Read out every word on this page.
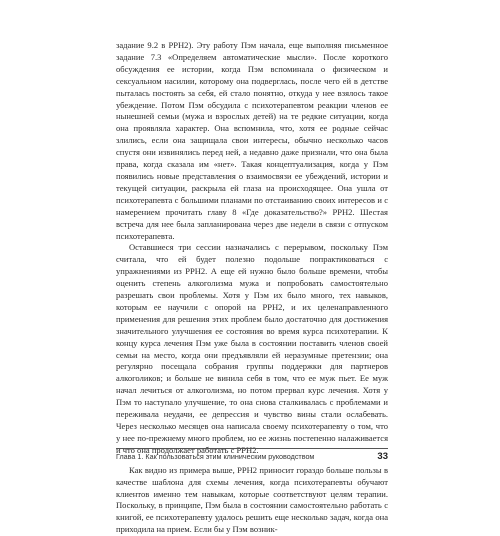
задание 9.2 в РРН2). Эту работу Пэм начала, еще выполняя письменное задание 7.3 «Определяем автоматические мысли». После короткого обсуждения ее истории, когда Пэм вспоминала о физическом и сексуальном насилии, которому она подверглась, после чего ей в детстве пыталась постоять за себя, ей стало понятно, откуда у нее взялось такое убеждение. Потом Пэм обсудила с психотерапевтом реакции членов ее нынешней семьи (мужа и взрослых детей) на те редкие ситуации, когда она проявляла характер. Она вспомнила, что, хотя ее родные сейчас злились, если она защищала свои интересы, обычно несколько часов спустя они извинялись перед ней, а недавно даже признали, что она была права, когда сказала им «нет». Такая концептуализация, когда у Пэм появились новые представления о взаимосвязи ее убеждений, истории и текущей ситуации, раскрыла ей глаза на происходящее. Она ушла от психотерапевта с большими планами по отстаиванию своих интересов и с намерением прочитать главу 8 «Где доказательство?» РРН2. Шестая встреча для нее была запланирована через две недели в связи с отпуском психотерапевта.

Оставшиеся три сессии назначались с перерывом, поскольку Пэм считала, что ей будет полезно подольше попрактиковаться с упражнениями из РРН2. А еще ей нужно было больше времени, чтобы оценить степень алкоголизма мужа и попробовать самостоятельно разрешать свои проблемы. Хотя у Пэм их было много, тех навыков, которым ее научили с опорой на РРН2, и их целенаправленного применения для решения этих проблем было достаточно для достижения значительного улучшения ее состояния во время курса психотерапии. К концу курса лечения Пэм уже была в состоянии поставить членов своей семьи на место, когда они предъявляли ей неразумные претензии; она регулярно посещала собрания группы поддержки для партнеров алкоголиков; и больше не винила себя в том, что ее муж пьет. Ее муж начал лечиться от алкоголизма, но потом прервал курс лечения. Хотя у Пэм то наступало улучшение, то она снова сталкивалась с проблемами и переживала неудачи, ее депрессия и чувство вины стали ослабевать. Через несколько месяцев она написала своему психотерапевту о том, что у нее по-прежнему много проблем, но ее жизнь постепенно налаживается и что она продолжает работать с РРН2.

Как видно из примера выше, РРН2 приносит гораздо больше пользы в качестве шаблона для схемы лечения, когда психотерапевты обучают клиентов именно тем навыкам, которые соответствуют целям терапии. Поскольку, в принципе, Пэм была в состоянии самостоятельно работать с книгой, ее психотерапевту удалось решить еще несколько задач, когда она приходила на прием. Если бы у Пэм возник-

Глава 1. Как пользоваться этим клиническим руководством	33
